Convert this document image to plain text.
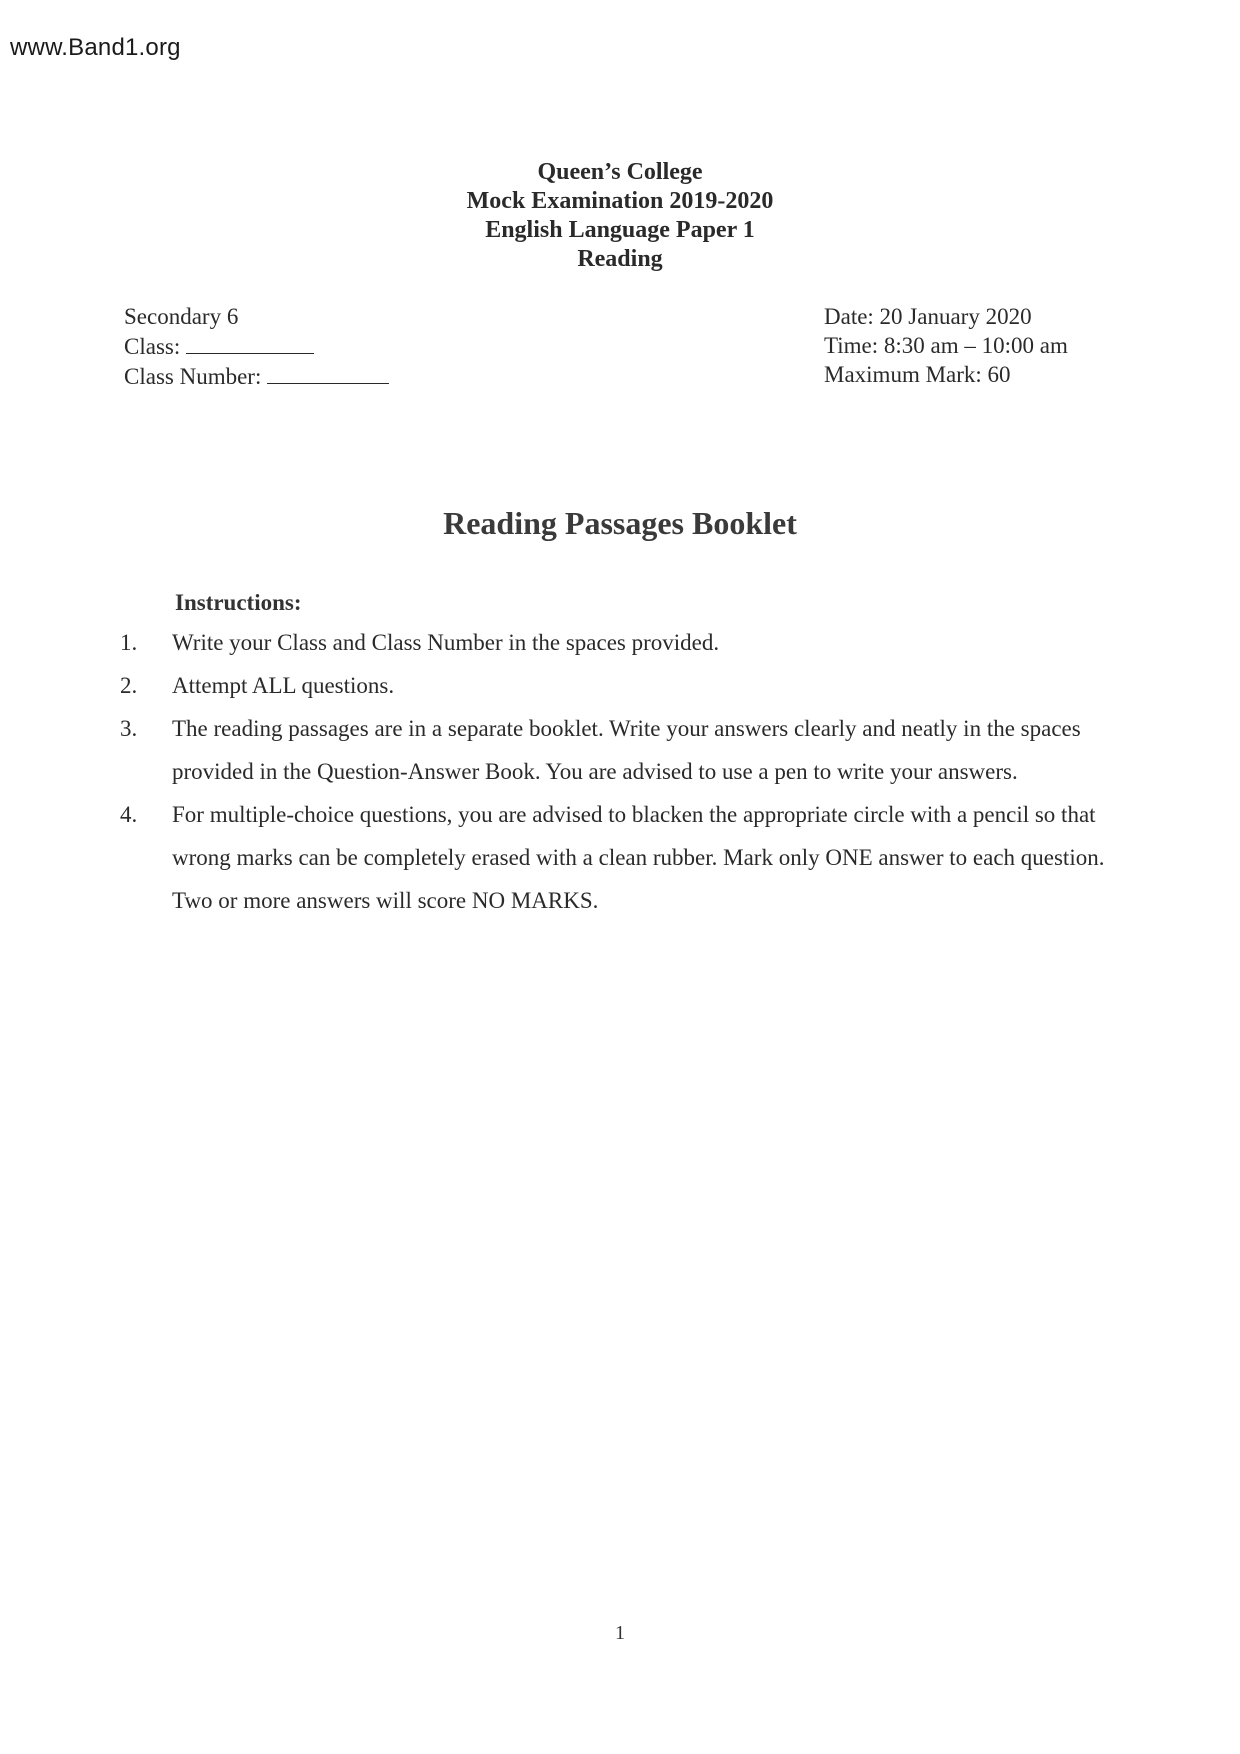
www.Band1.org
Queen’s College
Mock Examination 2019-2020
English Language Paper 1
Reading
Secondary 6
Class:
Class Number:
Date: 20 January 2020
Time: 8:30 am – 10:00 am
Maximum Mark: 60
Reading Passages Booklet
Instructions:
1. Write your Class and Class Number in the spaces provided.
2. Attempt ALL questions.
3. The reading passages are in a separate booklet. Write your answers clearly and neatly in the spaces provided in the Question-Answer Book. You are advised to use a pen to write your answers.
4. For multiple-choice questions, you are advised to blacken the appropriate circle with a pencil so that wrong marks can be completely erased with a clean rubber. Mark only ONE answer to each question. Two or more answers will score NO MARKS.
1
